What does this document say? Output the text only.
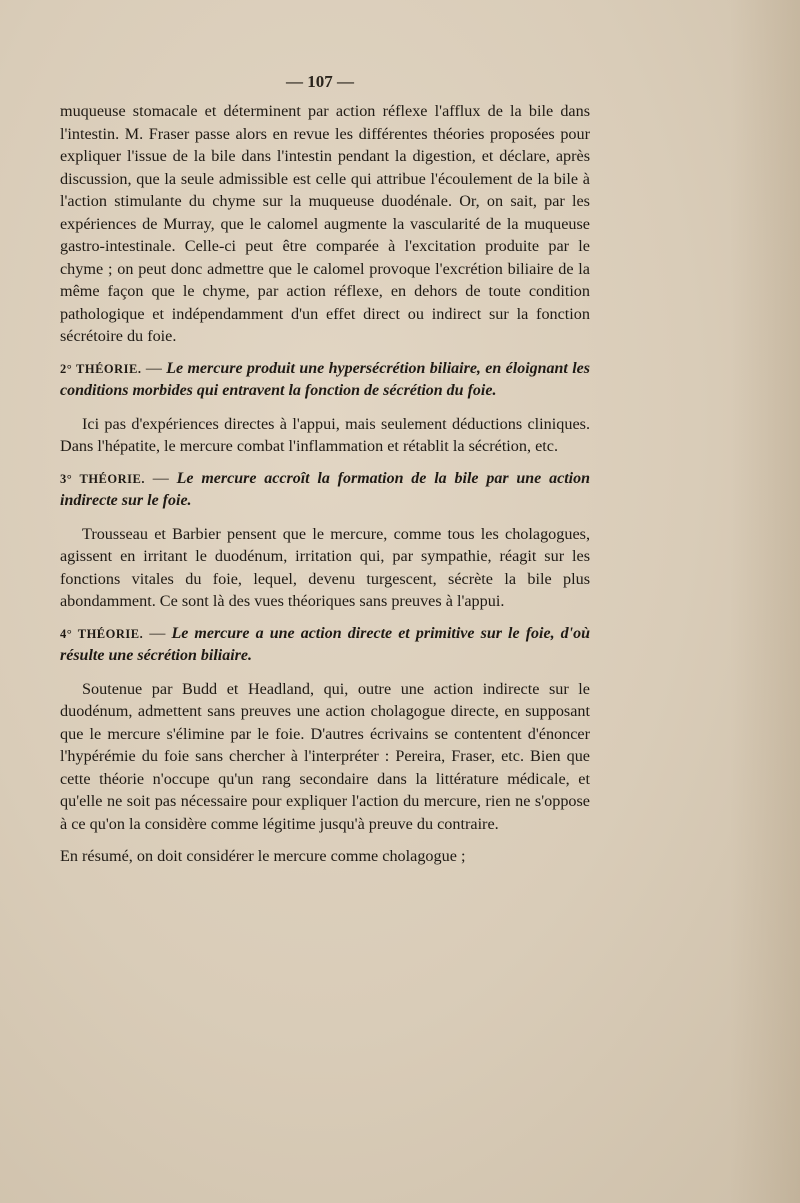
— 107 —

muqueuse stomacale et déterminent par action réflexe l'afflux de la bile dans l'intestin. M. Fraser passe alors en revue les différentes théories proposées pour expliquer l'issue de la bile dans l'intestin pendant la digestion, et déclare, après discussion, que la seule admissible est celle qui attribue l'écoulement de la bile à l'action stimulante du chyme sur la muqueuse duodénale. Or, on sait, par les expériences de Murray, que le calomel augmente la vascularité de la muqueuse gastro-intestinale. Celle-ci peut être comparée à l'excitation produite par le chyme ; on peut donc admettre que le calomel provoque l'excrétion biliaire de la même façon que le chyme, par action réflexe, en dehors de toute condition pathologique et indépendamment d'un effet direct ou indirect sur la fonction sécrétoire du foie.

2° THÉORIE. — Le mercure produit une hypersécrétion biliaire, en éloignant les conditions morbides qui entravent la fonction de sécrétion du foie.

Ici pas d'expériences directes à l'appui, mais seulement déductions cliniques. Dans l'hépatite, le mercure combat l'inflammation et rétablit la sécrétion, etc.

3° THÉORIE. — Le mercure accroît la formation de la bile par une action indirecte sur le foie.

Trousseau et Barbier pensent que le mercure, comme tous les cholagogues, agissent en irritant le duodénum, irritation qui, par sympathie, réagit sur les fonctions vitales du foie, lequel, devenu turgescent, sécrète la bile plus abondamment. Ce sont là des vues théoriques sans preuves à l'appui.

4° THÉORIE. — Le mercure a une action directe et primitive sur le foie, d'où résulte une sécrétion biliaire.

Soutenue par Budd et Headland, qui, outre une action indirecte sur le duodénum, admettent sans preuves une action cholagogue directe, en supposant que le mercure s'élimine par le foie. D'autres écrivains se contentent d'énoncer l'hypérémie du foie sans chercher à l'interpréter : Pereira, Fraser, etc. Bien que cette théorie n'occupe qu'un rang secondaire dans la littérature médicale, et qu'elle ne soit pas nécessaire pour expliquer l'action du mercure, rien ne s'oppose à ce qu'on la considère comme légitime jusqu'à preuve du contraire.

En résumé, on doit considérer le mercure comme cholagogue ;
